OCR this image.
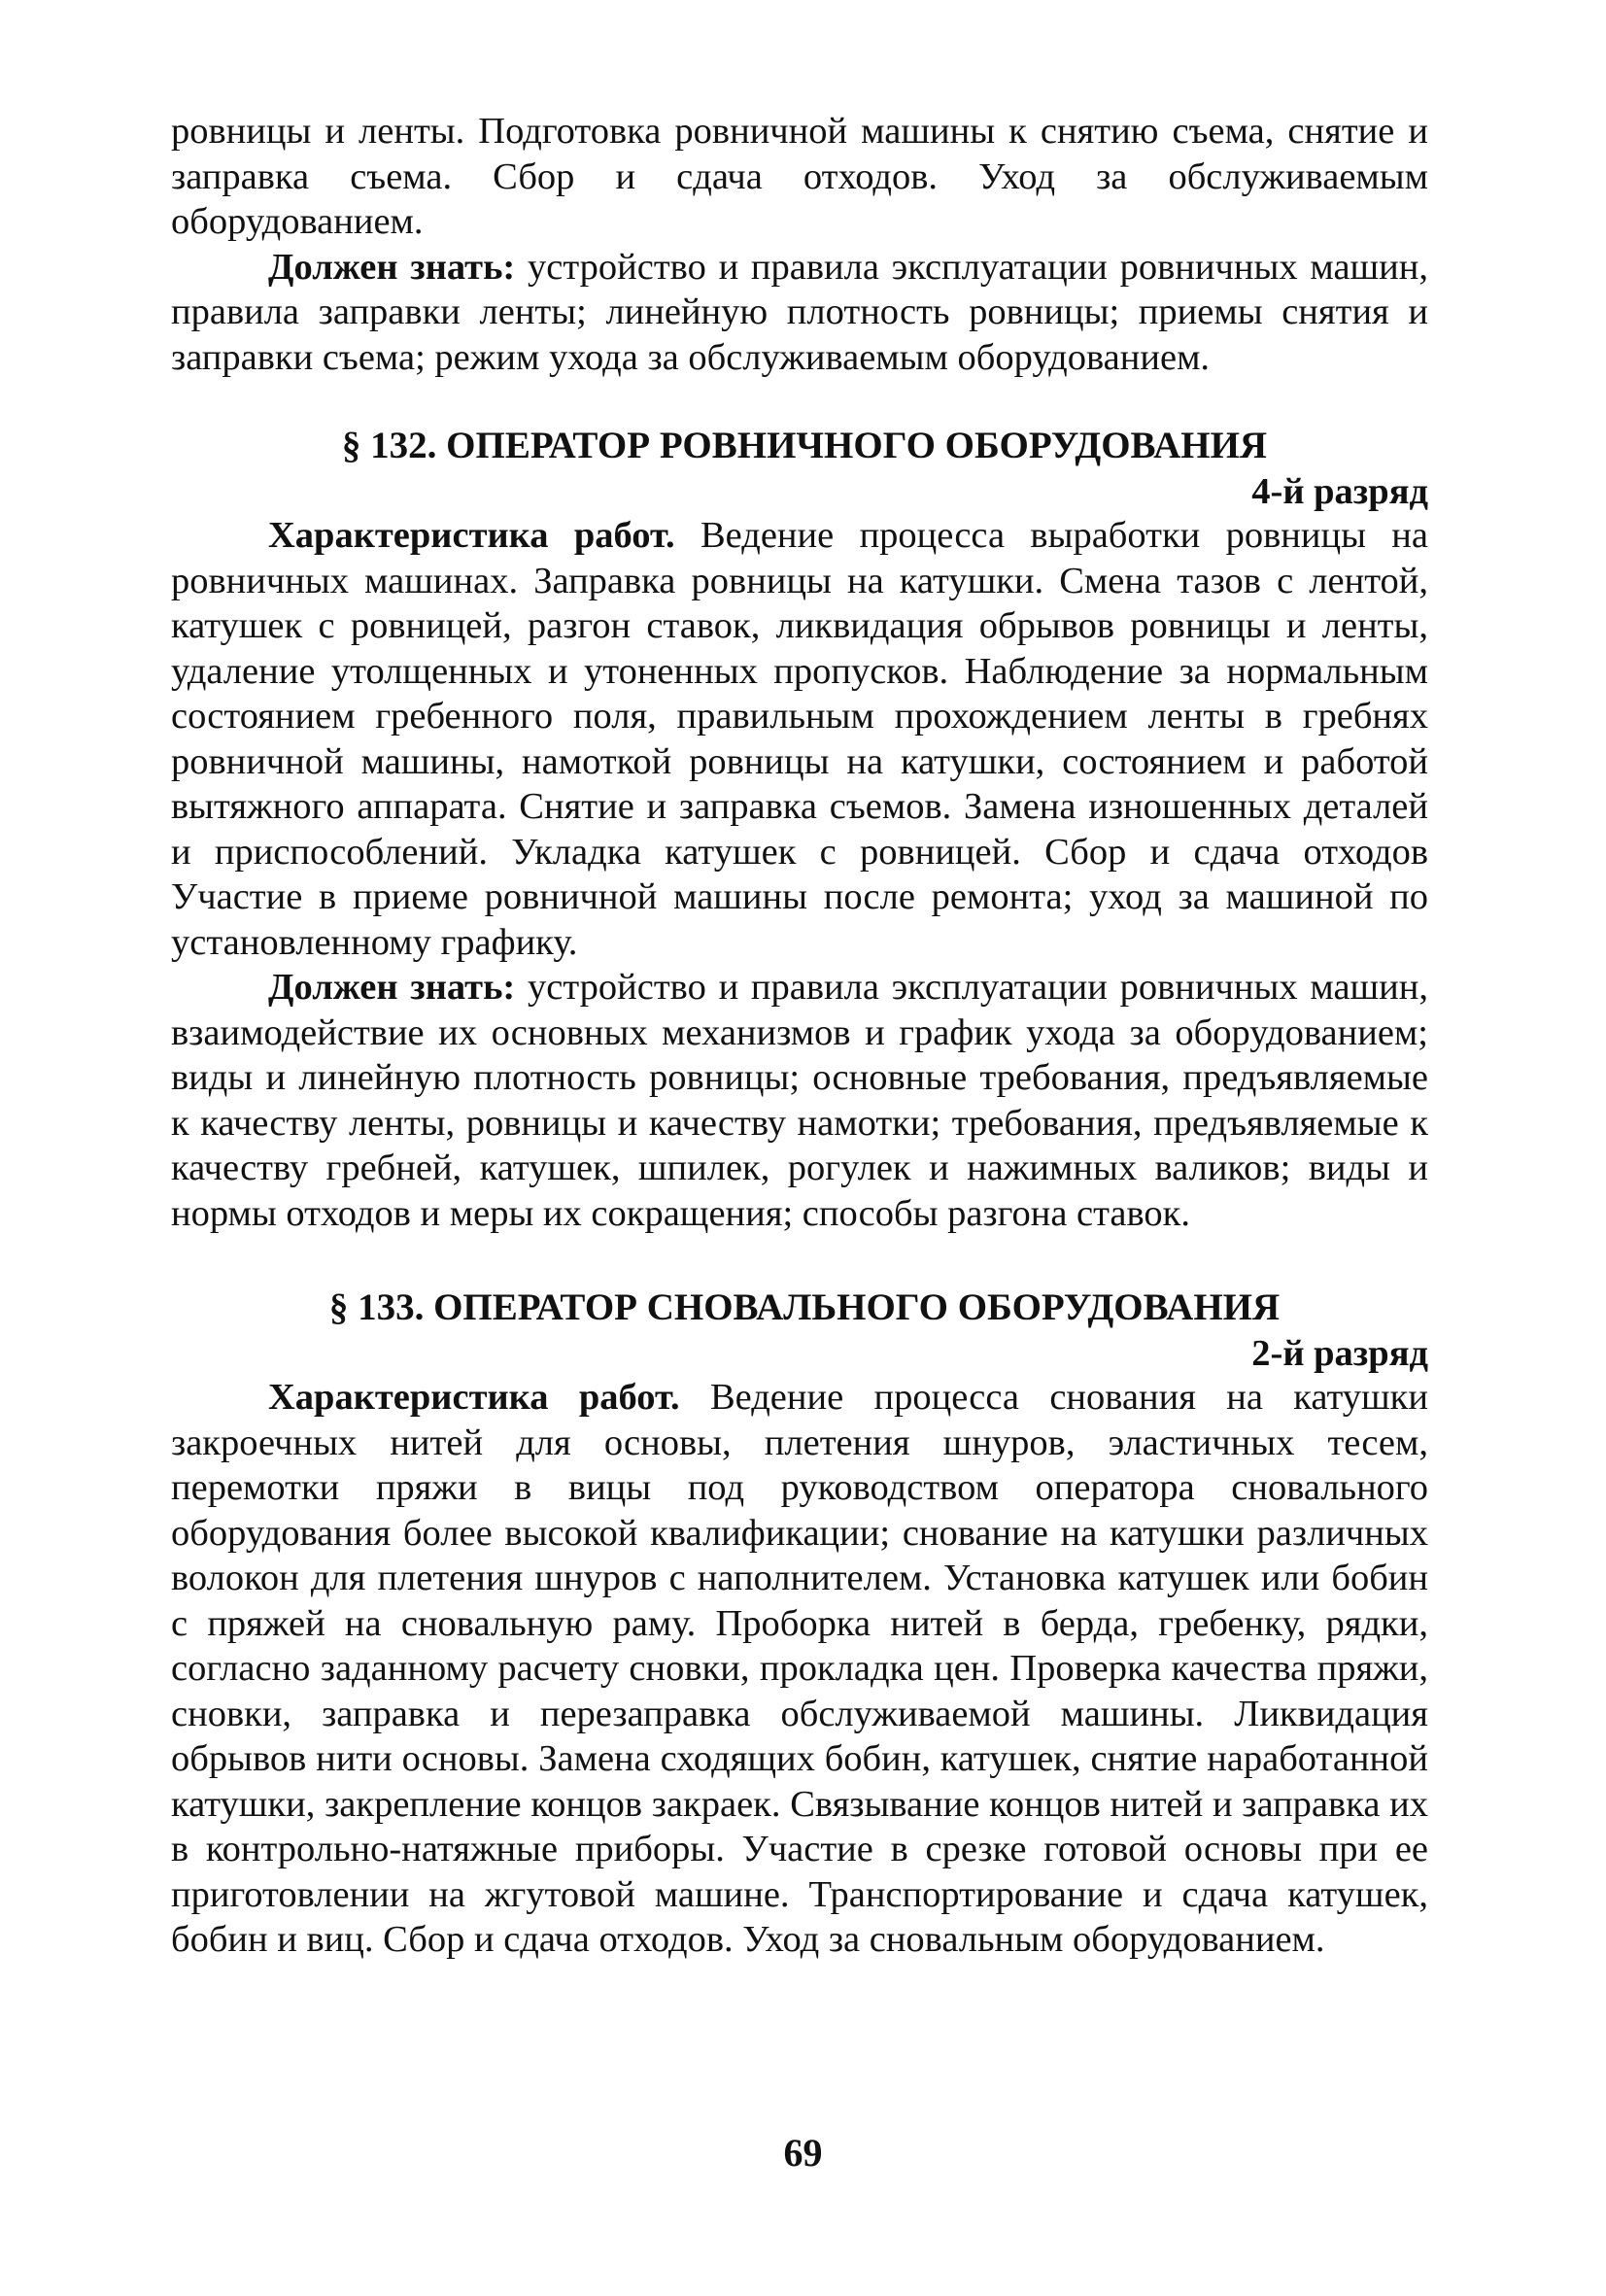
ровницы и ленты. Подготовка ровничной машины к снятию съема, снятие и заправка съема. Сбор и сдача отходов. Уход за обслуживаемым оборудованием.

Должен знать: устройство и правила эксплуатации ровничных машин, правила заправки ленты; линейную плотность ровницы; приемы снятия и заправки съема; режим ухода за обслуживаемым оборудованием.

§ 132. ОПЕРАТОР РОВНИЧНОГО ОБОРУДОВАНИЯ

4-й разряд

Характеристика работ. Ведение процесса выработки ровницы на ровничных машинах. Заправка ровницы на катушки. Смена тазов с лентой, катушек с ровницей, разгон ставок, ликвидация обрывов ровницы и ленты, удаление утолщенных и утоненных пропусков. Наблюдение за нормальным состоянием гребенного поля, правильным прохождением ленты в гребнях ровничной машины, намоткой ровницы на катушки, состоянием и работой вытяжного аппарата. Снятие и заправка съемов. Замена изношенных деталей и приспособлений. Укладка катушек с ровницей. Сбор и сдача отходов Участие в приеме ровничной машины после ремонта; уход за машиной по установленному графику.

Должен знать: устройство и правила эксплуатации ровничных машин, взаимодействие их основных механизмов и график ухода за оборудованием; виды и линейную плотность ровницы; основные требования, предъявляемые к качеству ленты, ровницы и качеству намотки; требования, предъявляемые к качеству гребней, катушек, шпилек, рогулек и нажимных валиков; виды и нормы отходов и меры их сокращения; способы разгона ставок.

§ 133. ОПЕРАТОР СНОВАЛЬНОГО ОБОРУДОВАНИЯ

2-й разряд

Характеристика работ. Ведение процесса снования на катушки закроечных нитей для основы, плетения шнуров, эластичных тесем, перемотки пряжи в вицы под руководством оператора сновального оборудования более высокой квалификации; снование на катушки различных волокон для плетения шнуров с наполнителем. Установка катушек или бобин с пряжей на сновальную раму. Проборка нитей в берда, гребенку, рядки, согласно заданному расчету сновки, прокладка цен. Проверка качества пряжи, сновки, заправка и перезаправка обслуживаемой машины. Ликвидация обрывов нити основы. Замена сходящих бобин, катушек, снятие наработанной катушки, закрепление концов закраек. Связывание концов нитей и заправка их в контрольно-натяжные приборы. Участие в срезке готовой основы при ее приготовлении на жгутовой машине. Транспортирование и сдача катушек, бобин и виц. Сбор и сдача отходов. Уход за сновальным оборудованием.

69
